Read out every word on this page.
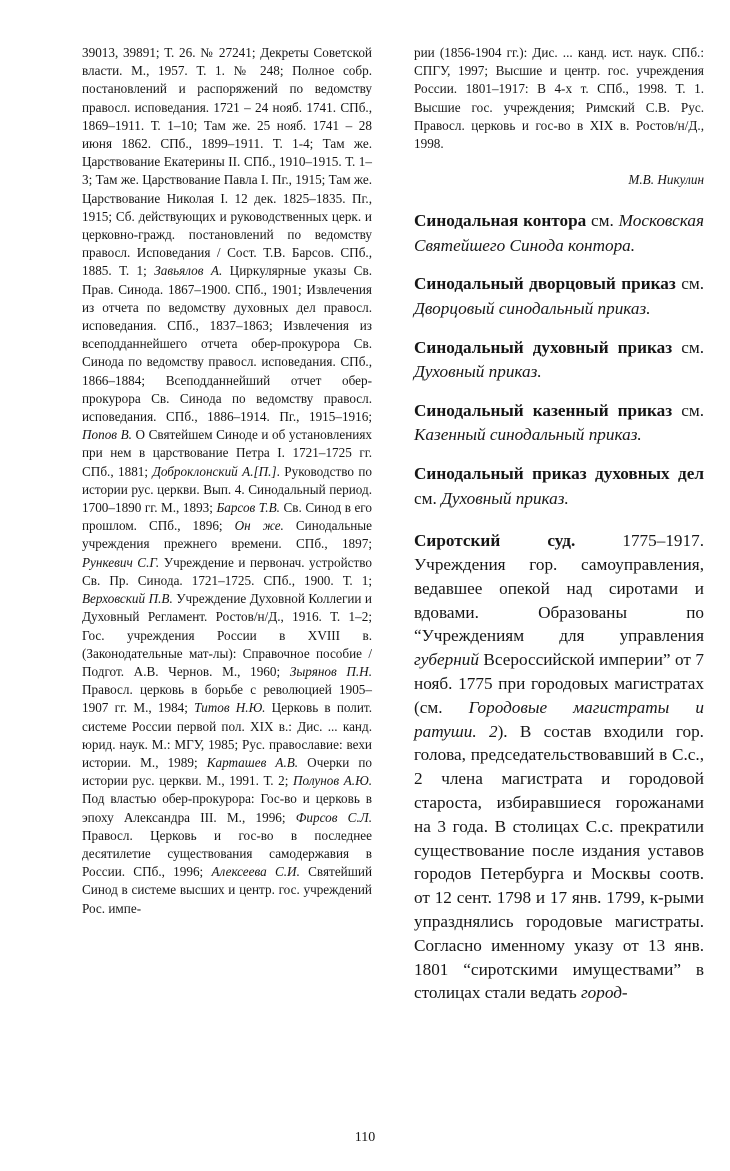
39013, 39891; Т. 26. № 27241; Декреты Советской власти. М., 1957. Т. 1. № 248; Полное собр. постановлений и распоряжений по ведомству правосл. исповедания. 1721 – 24 нояб. 1741. СПб., 1869–1911. Т. 1–10; Там же. 25 нояб. 1741 – 28 июня 1862. СПб., 1899–1911. Т. 1-4; Там же. Царствование Екатерины II. СПб., 1910–1915. Т. 1–3; Там же. Царствование Павла I. Пг., 1915; Там же. Царствование Николая I. 12 дек. 1825–1835. Пг., 1915; Сб. действующих и руководственных церк. и церковно-гражд. постановлений по ведомству правосл. Исповедания / Сост. Т.В. Барсов. СПб., 1885. Т. 1; Завьялов А. Циркулярные указы Св. Прав. Синода. 1867–1900. СПб., 1901; Извлечения из отчета по ведомству духовных дел правосл. исповедания. СПб., 1837–1863; Извлечения из всеподданнейшего отчета обер-прокурора Св. Синода по ведомству правосл. исповедания. СПб., 1866–1884; Всеподданнейший отчет обер-прокурора Св. Синода по ведомству правосл. исповедания. СПб., 1886–1914. Пг., 1915–1916; Попов В. О Святейшем Синоде и об установлениях при нем в царствование Петра I. 1721–1725 гг. СПб., 1881; Доброклонский А.[П.]. Руководство по истории рус. церкви. Вып. 4. Синодальный период. 1700–1890 гг. М., 1893; Барсов Т.В. Св. Синод в его прошлом. СПб., 1896; Он же. Синодальные учреждения прежнего времени. СПб., 1897; Рункевич С.Г. Учреждение и первонач. устройство Св. Пр. Синода. 1721–1725. СПб., 1900. Т. 1; Верховский П.В. Учреждение Духовной Коллегии и Духовный Регламент. Ростов/н/Д., 1916. Т. 1–2; Гос. учреждения России в XVIII в. (Законодательные мат-лы): Справочное пособие / Подгот. А.В. Чернов. М., 1960; Зырянов П.Н. Правосл. церковь в борьбе с революцией 1905–1907 гг. М., 1984; Титов Н.Ю. Церковь в полит. системе России первой пол. XIX в.: Дис. ... канд. юрид. наук. М.: МГУ, 1985; Рус. православие: вехи истории. М., 1989; Карташев А.В. Очерки по истории рус. церкви. М., 1991. Т. 2; Полунов А.Ю. Под властью обер-прокурора: Гос-во и церковь в эпоху Александра III. М., 1996; Фирсов С.Л. Правосл. Церковь и гос-во в последнее десятилетие существования самодержавия в России. СПб., 1996; Алексеева С.И. Святейший Синод в системе высших и центр. гос. учреждений Рос. импе-

рии (1856-1904 гг.): Дис. ... канд. ист. наук. СПб.: СПГУ, 1997; Высшие и центр. гос. учреждения России. 1801–1917: В 4-х т. СПб., 1998. Т. 1. Высшие гос. учреждения; Римский С.В. Рус. Правосл. церковь и гос-во в XIX в. Ростов/н/Д., 1998.

М.В. Никулин

Синодальная контора см. Московская Святейшего Синода контора.

Синодальный дворцовый приказ см. Дворцовый синодальный приказ.

Синодальный духовный приказ см. Духовный приказ.

Синодальный казенный приказ см. Казенный синодальный приказ.

Синодальный приказ духовных дел см. Духовный приказ.

Сиротский суд. 1775–1917. Учреждения гор. самоуправления, ведавшее опекой над сиротами и вдовами. Образованы по “Учреждениям для управления губерний Всероссийской империи” от 7 нояб. 1775 при городовых магистратах (см. Городовые магистраты и ратуши. 2). В состав входили гор. голова, председательствовавший в С.с., 2 члена магистрата и городовой староста, избиравшиеся горожанами на 3 года. В столицах С.с. прекратили существование после издания уставов городов Петербурга и Москвы соотв. от 12 сент. 1798 и 17 янв. 1799, к-рыми упразднялись городовые магистраты. Согласно именному указу от 13 янв. 1801 “сиротскими имуществами” в столицах стали ведать город-

110
